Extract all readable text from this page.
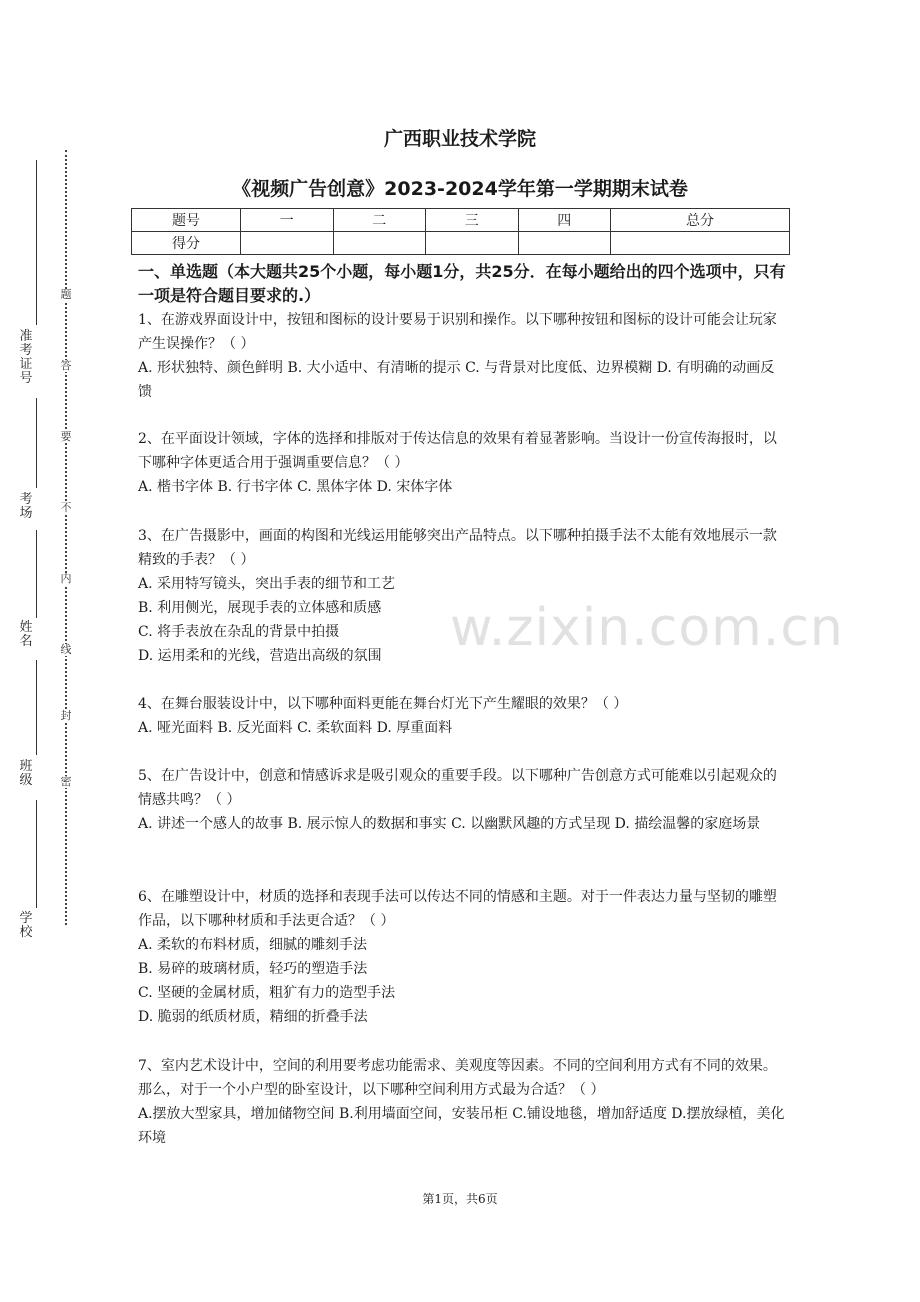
准考证号
考场
姓名
班级
学校
题
答
要
不
内
线
封
密
广西职业技术学院
《视频广告创意》2023-2024学年第一学期期末试卷
题号	一	二	三	四	总分
得分					
一、单选题（本大题共25个小题，每小题1分，共25分．在每小题给出的四个选项中，只有一项是符合题目要求的.）

1、在游戏界面设计中，按钮和图标的设计要易于识别和操作。以下哪种按钮和图标的设计可能会让玩家产生误操作？（ ）

A. 形状独特、颜色鲜明 B. 大小适中、有清晰的提示 C. 与背景对比度低、边界模糊 D. 有明确的动画反馈

2、在平面设计领域，字体的选择和排版对于传达信息的效果有着显著影响。当设计一份宣传海报时，以下哪种字体更适合用于强调重要信息？（ ）

A. 楷书字体 B. 行书字体 C. 黑体字体 D. 宋体字体

3、在广告摄影中，画面的构图和光线运用能够突出产品特点。以下哪种拍摄手法不太能有效地展示一款精致的手表？（ ）

A. 采用特写镜头，突出手表的细节和工艺

B. 利用侧光，展现手表的立体感和质感

C. 将手表放在杂乱的背景中拍摄

D. 运用柔和的光线，营造出高级的氛围

4、在舞台服装设计中，以下哪种面料更能在舞台灯光下产生耀眼的效果？（ ）

A. 哑光面料 B. 反光面料 C. 柔软面料 D. 厚重面料

5、在广告设计中，创意和情感诉求是吸引观众的重要手段。以下哪种广告创意方式可能难以引起观众的情感共鸣？（ ）

A. 讲述一个感人的故事 B. 展示惊人的数据和事实 C. 以幽默风趣的方式呈现 D. 描绘温馨的家庭场景

6、在雕塑设计中，材质的选择和表现手法可以传达不同的情感和主题。对于一件表达力量与坚韧的雕塑作品，以下哪种材质和手法更合适？（ ）

A. 柔软的布料材质，细腻的雕刻手法

B. 易碎的玻璃材质，轻巧的塑造手法

C. 坚硬的金属材质，粗犷有力的造型手法

D. 脆弱的纸质材质，精细的折叠手法

7、室内艺术设计中，空间的利用要考虑功能需求、美观度等因素。不同的空间利用方式有不同的效果。那么，对于一个小户型的卧室设计，以下哪种空间利用方式最为合适？（ ）

A.摆放大型家具，增加储物空间 B.利用墙面空间，安装吊柜 C.铺设地毯，增加舒适度 D.摆放绿植，美化环境

w.zixin.com.cn
第1页，共6页
